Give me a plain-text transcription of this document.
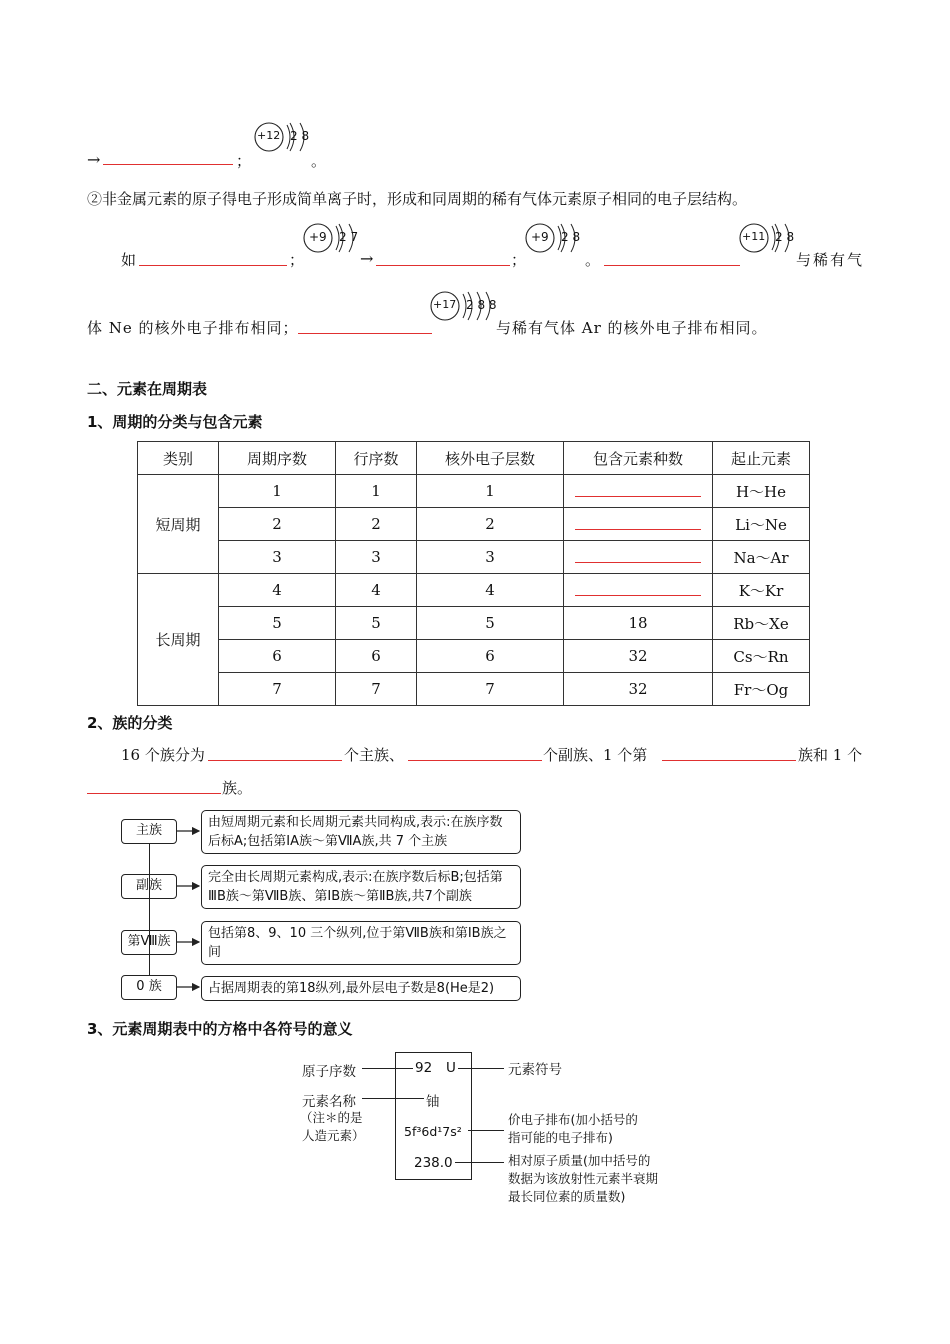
→	；
+12 2 8
。
②非金属元素的原子得电子形成简单离子时，形成和同周期的稀有气体元素原子相同的电子层结构。
如	；
+9 2 7
→	；
+9 2 8
。
+11 2 8
与稀有气
体 Ne 的核外电子排布相同；
+17 2 8 8
与稀有气体 Ar 的核外电子排布相同。
二、元素在周期表
1、周期的分类与包含元素
类别	周期序数	行序数	核外电子层数	包含元素种数	起止元素
短周期	1	1	1		H～He
	2	2	2		Li～Ne
	3	3	3		Na～Ar
长周期	4	4	4		K～Kr
	5	5	5	18	Rb～Xe
	6	6	6	32	Cs～Rn
	7	7	7	32	Fr～Og
2、族的分类
16 个族分为	个主族、	个副族、1 个第	族和 1 个
族。
主族
副族
第Ⅷ族
0 族
由短周期元素和长周期元素共同构成,表示:在族序数后标A;包括第ⅠA族～第ⅦA族,共 7 个主族
完全由长周期元素构成,表示:在族序数后标B;包括第ⅢB族～第ⅦB族、第ⅠB族～第ⅡB族,共7个副族
包括第8、9、10 三个纵列,位于第ⅦB族和第ⅠB族之间
占据周期表的第18纵列,最外层电子数是8(He是2)
3、元素周期表中的方格中各符号的意义
92 U
铀
5f³6d¹7s²
238.0
原子序数
元素名称
（注＊的是
人造元素）
元素符号
价电子排布(加小括号的
指可能的电子排布)
相对原子质量(加中括号的
数据为该放射性元素半衰期
最长同位素的质量数)
